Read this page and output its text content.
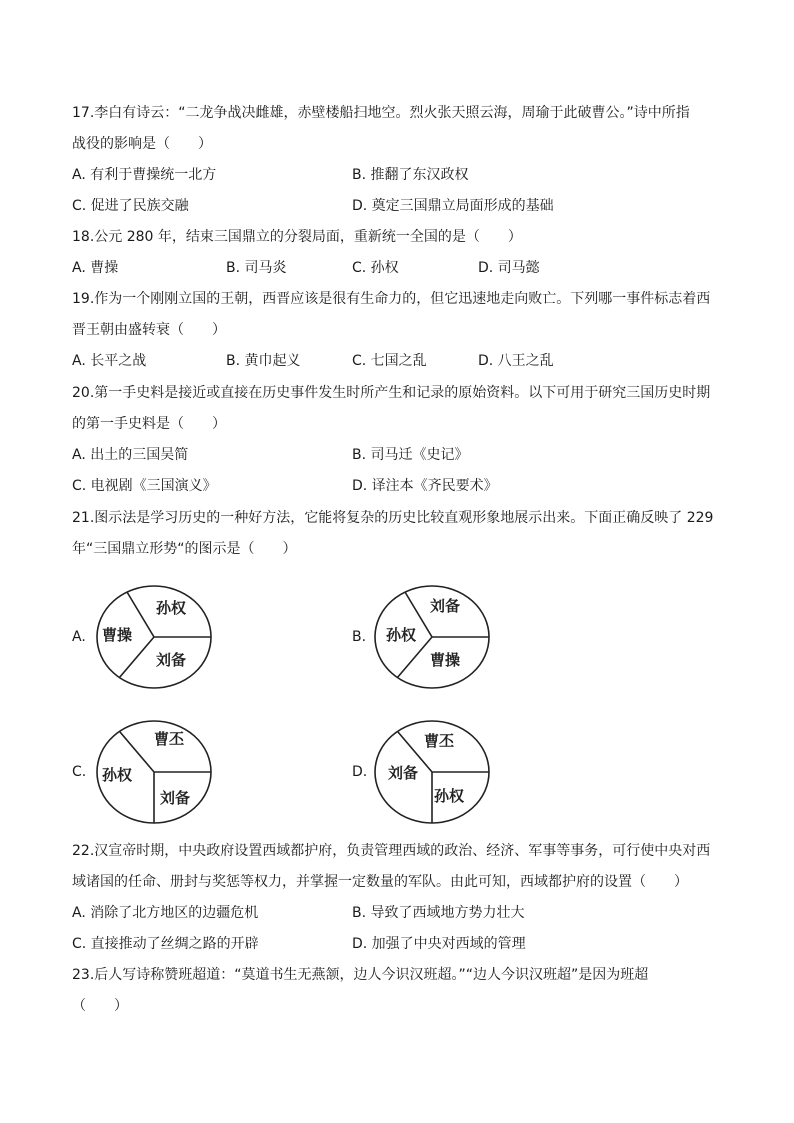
17.李白有诗云：“二龙争战决雌雄，赤壁楼船扫地空。烈火张天照云海，周瑜于此破曹公。”诗中所指
战役的影响是（　　）
A. 有利于曹操统一北方	B. 推翻了东汉政权
C. 促进了民族交融	D. 奠定三国鼎立局面形成的基础
18.公元 280 年，结束三国鼎立的分裂局面，重新统一全国的是（　　）
A. 曹操	B. 司马炎	C. 孙权	D. 司马懿
19.作为一个刚刚立国的王朝，西晋应该是很有生命力的，但它迅速地走向败亡。下列哪一事件标志着西
晋王朝由盛转衰（　　）
A. 长平之战	B. 黄巾起义	C. 七国之乱	D. 八王之乱
20.第一手史料是接近或直接在历史事件发生时所产生和记录的原始资料。以下可用于研究三国历史时期
的第一手史料是（　　）
A. 出土的三国吴简	B. 司马迁《史记》
C. 电视剧《三国演义》	D. 译注本《齐民要术》
21.图示法是学习历史的一种好方法，它能将复杂的历史比较直观形象地展示出来。下面正确反映了 229
年“三国鼎立形势“的图示是（　　）
A. 曹操
孙权
刘备
B. 孙权
刘备
曹操
C.
曹丕
孙权
刘备
D.
曹丕
刘备
孙权
22.汉宣帝时期，中央政府设置西域都护府，负责管理西域的政治、经济、军事等事务，可行使中央对西
域诸国的任命、册封与奖惩等权力，并掌握一定数量的军队。由此可知，西域都护府的设置（　　）
A. 消除了北方地区的边疆危机	B. 导致了西域地方势力壮大
C. 直接推动了丝绸之路的开辟	D. 加强了中央对西域的管理
23.后人写诗称赞班超道：“莫道书生无燕颔，边人今识汉班超。”“边人今识汉班超”是因为班超
（　　）
